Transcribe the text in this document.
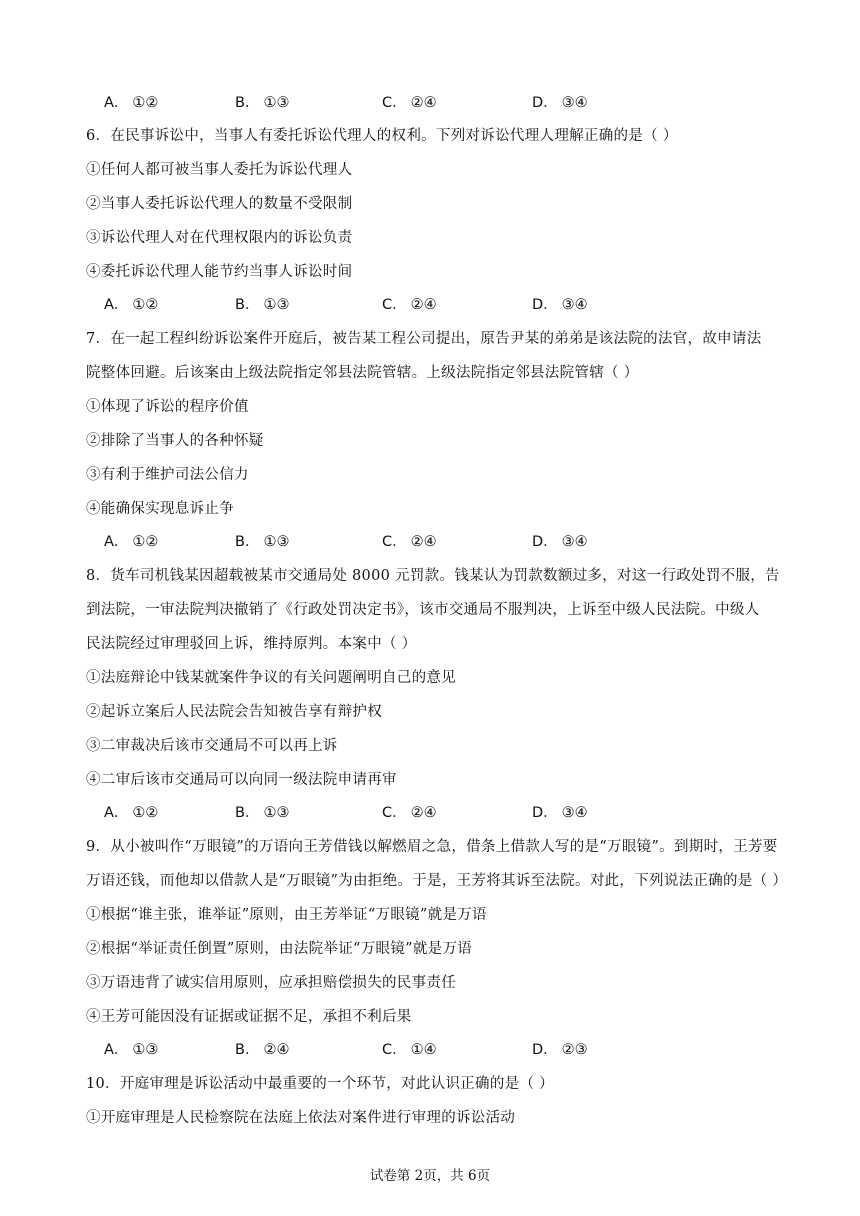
A． ①②	B． ①③	C． ②④	D． ③④
6．在民事诉讼中，当事人有委托诉讼代理人的权利。下列对诉讼代理人理解正确的是（ ）
①任何人都可被当事人委托为诉讼代理人
②当事人委托诉讼代理人的数量不受限制
③诉讼代理人对在代理权限内的诉讼负责
④委托诉讼代理人能节约当事人诉讼时间
A． ①②	B． ①③	C． ②④	D． ③④
7．在一起工程纠纷诉讼案件开庭后，被告某工程公司提出，原告尹某的弟弟是该法院的法官，故申请法
院整体回避。后该案由上级法院指定邻县法院管辖。上级法院指定邻县法院管辖（ ）
①体现了诉讼的程序价值
②排除了当事人的各种怀疑
③有利于维护司法公信力
④能确保实现息诉止争
A． ①②	B． ①③	C． ②④	D． ③④
8．货车司机钱某因超载被某市交通局处 8000 元罚款。钱某认为罚款数额过多，对这一行政处罚不服，告
到法院，一审法院判决撤销了《行政处罚决定书》，该市交通局不服判决，上诉至中级人民法院。中级人
民法院经过审理驳回上诉，维持原判。本案中（ ）
①法庭辩论中钱某就案件争议的有关问题阐明自己的意见
②起诉立案后人民法院会告知被告享有辩护权
③二审裁决后该市交通局不可以再上诉
④二审后该市交通局可以向同一级法院申请再审
A． ①②	B． ①③	C． ②④	D． ③④
9．从小被叫作“万眼镜”的万语向王芳借钱以解燃眉之急，借条上借款人写的是“万眼镜”。到期时，王芳要
万语还钱，而他却以借款人是“万眼镜”为由拒绝。于是，王芳将其诉至法院。对此，下列说法正确的是（ ）
①根据“谁主张，谁举证”原则，由王芳举证“万眼镜”就是万语
②根据“举证责任倒置”原则，由法院举证“万眼镜”就是万语
③万语违背了诚实信用原则，应承担赔偿损失的民事责任
④王芳可能因没有证据或证据不足，承担不利后果
A． ①③	B． ②④	C． ①④	D． ②③
10．开庭审理是诉讼活动中最重要的一个环节，对此认识正确的是（ ）
①开庭审理是人民检察院在法庭上依法对案件进行审理的诉讼活动
试卷第 2页，共 6页
